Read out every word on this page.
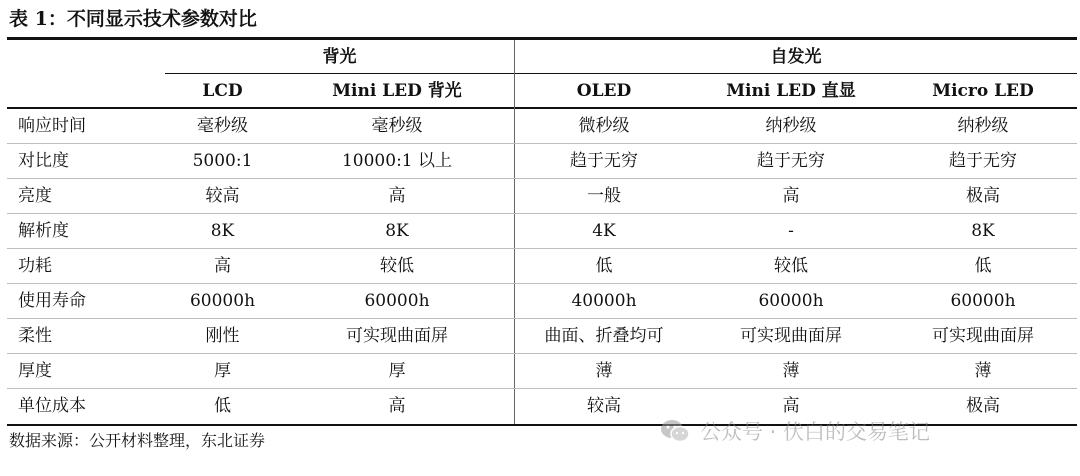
表 1：不同显示技术参数对比
背光	自发光
LCD	Mini LED 背光	OLED	Mini LED 直显	Micro LED
响应时间	毫秒级	毫秒级	微秒级	纳秒级	纳秒级
对比度	5000:1	10000:1 以上	趋于无穷	趋于无穷	趋于无穷
亮度	较高	高	一般	高	极高
解析度	8K	8K	4K	-	8K
功耗	高	较低	低	较低	低
使用寿命	60000h	60000h	40000h	60000h	60000h
柔性	刚性	可实现曲面屏	曲面、折叠均可	可实现曲面屏	可实现曲面屏
厚度	厚	厚	薄	薄	薄
单位成本	低	高	较高	高	极高
数据来源：公开材料整理，东北证券	公众号 · 伏白的交易笔记
